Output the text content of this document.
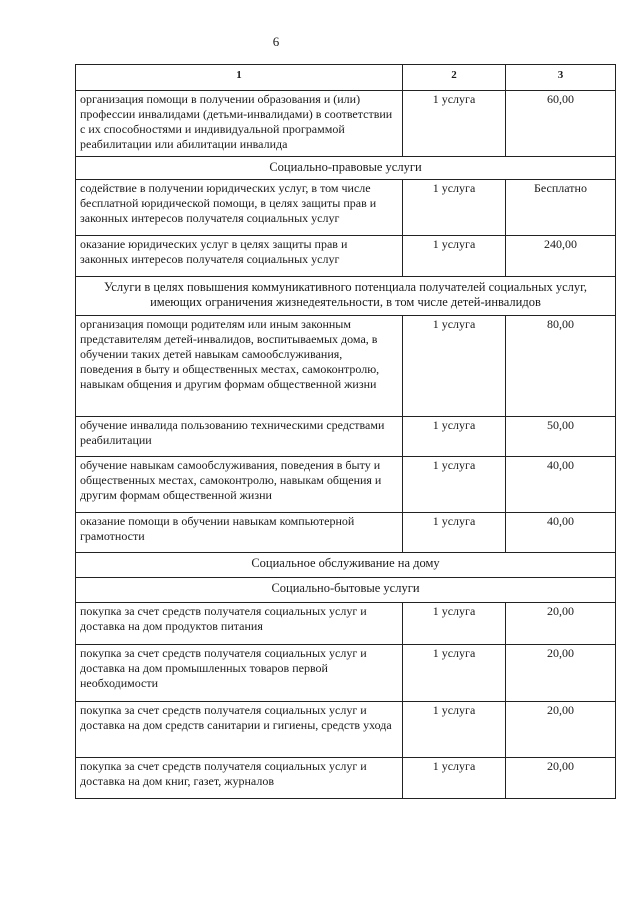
6
1	2	3
организация помощи в получении образования и (или) профессии инвалидами (детьми-инвалидами) в соответствии с их способностями и индивидуальной программой реабилитации или абилитации инвалида	1 услуга	60,00
Социально-правовые услуги		
содействие в получении юридических услуг, в том числе бесплатной юридической помощи, в целях защиты прав и законных интересов получателя социальных услуг	1 услуга	Бесплатно
оказание юридических услуг в целях защиты прав и законных интересов получателя социальных услуг	1 услуга	240,00
Услуги в целях повышения коммуникативного потенциала получателей социальных услуг, имеющих ограничения жизнедеятельности, в том числе детей-инвалидов		
организация помощи родителям или иным законным представителям детей-инвалидов, воспитываемых дома, в обучении таких детей навыкам самообслуживания, поведения в быту и общественных местах, самоконтролю, навыкам общения и другим формам общественной жизни	1 услуга	80,00
обучение инвалида пользованию техническими средствами реабилитации	1 услуга	50,00
обучение навыкам самообслуживания, поведения в быту и общественных местах, самоконтролю, навыкам общения и другим формам общественной жизни	1 услуга	40,00
оказание помощи в обучении навыкам компьютерной грамотности	1 услуга	40,00
Социальное обслуживание на дому		
Социально-бытовые услуги		
покупка за счет средств получателя социальных услуг и доставка на дом продуктов питания	1 услуга	20,00
покупка за счет средств получателя социальных услуг и доставка на дом промышленных товаров первой необходимости	1 услуга	20,00
покупка за счет средств получателя социальных услуг и доставка на дом средств санитарии и гигиены, средств ухода	1 услуга	20,00
покупка за счет средств получателя социальных услуг и доставка на дом книг, газет, журналов	1 услуга	20,00
